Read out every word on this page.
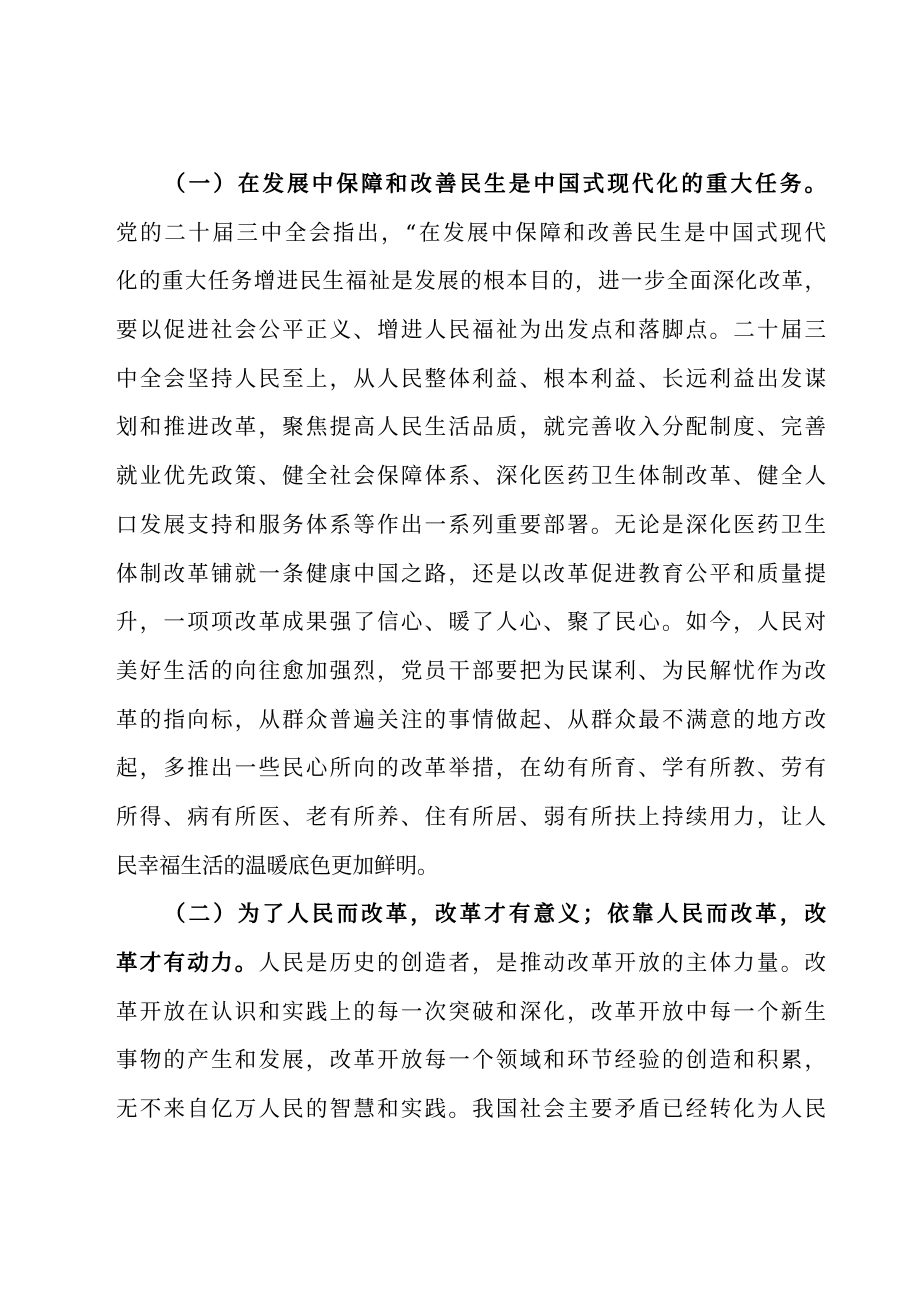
（一）在发展中保障和改善民生是中国式现代化的重大任务。
党的二十届三中全会指出，“在发展中保障和改善民生是中国式现代
化的重大任务增进民生福祉是发展的根本目的，进一步全面深化改革，
要以促进社会公平正义、增进人民福祉为出发点和落脚点。二十届三
中全会坚持人民至上，从人民整体利益、根本利益、长远利益出发谋
划和推进改革，聚焦提高人民生活品质，就完善收入分配制度、完善
就业优先政策、健全社会保障体系、深化医药卫生体制改革、健全人
口发展支持和服务体系等作出一系列重要部署。无论是深化医药卫生
体制改革铺就一条健康中国之路，还是以改革促进教育公平和质量提
升，一项项改革成果强了信心、暖了人心、聚了民心。如今，人民对
美好生活的向往愈加强烈，党员干部要把为民谋利、为民解忧作为改
革的指向标，从群众普遍关注的事情做起、从群众最不满意的地方改
起，多推出一些民心所向的改革举措，在幼有所育、学有所教、劳有
所得、病有所医、老有所养、住有所居、弱有所扶上持续用力，让人
民幸福生活的温暖底色更加鲜明。
（二）为了人民而改革，改革才有意义；依靠人民而改革，改
革才有动力。人民是历史的创造者，是推动改革开放的主体力量。改
革开放在认识和实践上的每一次突破和深化，改革开放中每一个新生
事物的产生和发展，改革开放每一个领域和环节经验的创造和积累，
无不来自亿万人民的智慧和实践。我国社会主要矛盾已经转化为人民
